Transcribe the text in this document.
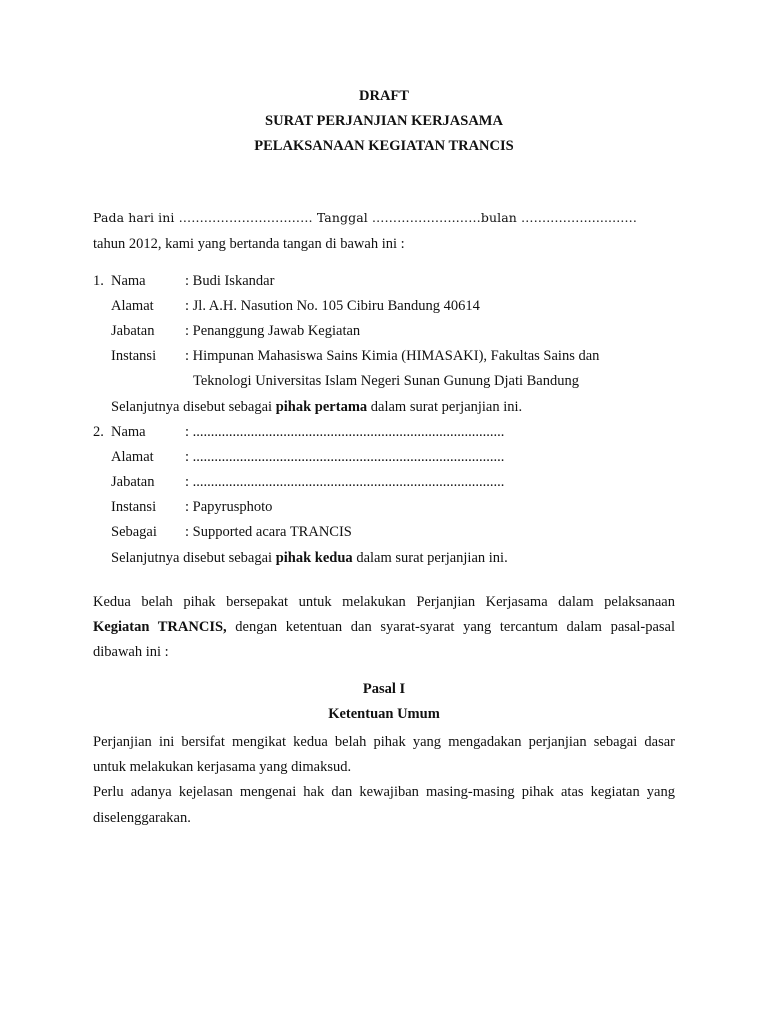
DRAFT
SURAT PERJANJIAN KERJASAMA
PELAKSANAAN KEGIATAN TRANCIS
Pada hari ini ……………………..…… Tanggal ………………..……bulan ……..……..........….
tahun 2012, kami yang bertanda tangan di bawah ini :
1. Nama	: Budi Iskandar
Alamat : Jl. A.H. Nasution No. 105 Cibiru Bandung 40614
Jabatan : Penanggung Jawab Kegiatan
Instansi : Himpunan Mahasiswa Sains Kimia (HIMASAKI), Fakultas Sains dan
Teknologi Universitas Islam Negeri Sunan Gunung Djati Bandung
Selanjutnya disebut sebagai pihak pertama dalam surat perjanjian ini.
2. Nama	: ......................................................................................
Alamat : ......................................................................................
Jabatan : ......................................................................................
Instansi : Papyrusphoto
Sebagai : Supported acara TRANCIS
Selanjutnya disebut sebagai pihak kedua dalam surat perjanjian ini.
Kedua belah pihak bersepakat untuk melakukan Perjanjian Kerjasama dalam pelaksanaan
Kegiatan TRANCIS, dengan ketentuan dan syarat-syarat yang tercantum dalam pasal-pasal
dibawah ini :
Pasal I
Ketentuan Umum
Perjanjian ini bersifat mengikat kedua belah pihak yang mengadakan perjanjian sebagai dasar
untuk melakukan kerjasama yang dimaksud.
Perlu adanya kejelasan mengenai hak dan kewajiban masing-masing pihak atas kegiatan yang
diselenggarakan.
